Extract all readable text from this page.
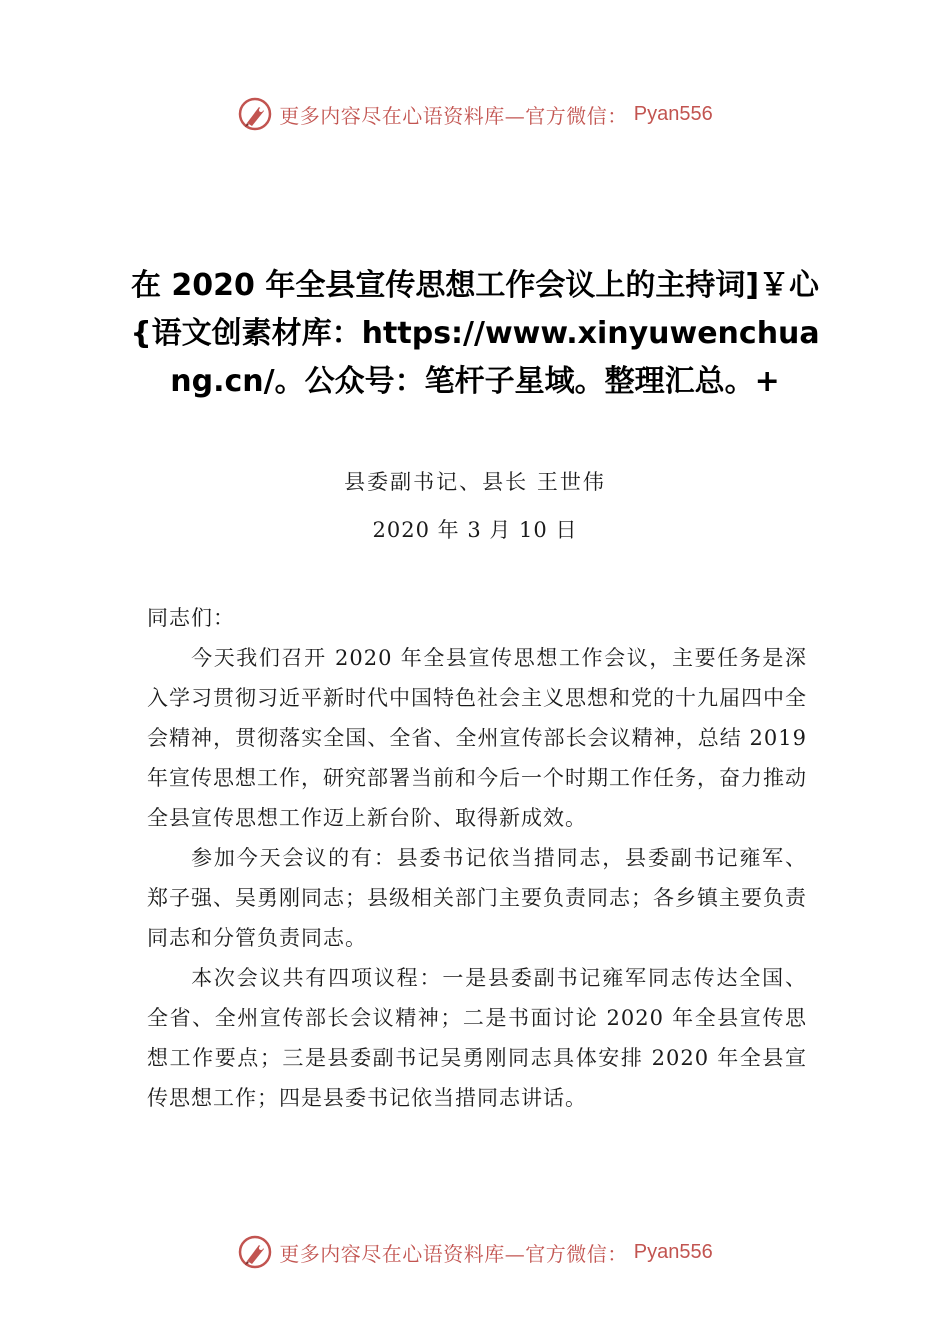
更多内容尽在心语资料库—官方微信： Pyan556
在 2020 年全县宣传思想工作会议上的主持词]￥心{语文创素材库：https://www.xinyuwenchuang.cn/。公众号：笔杆子星域。整理汇总。+
县委副书记、县长 王世伟
2020 年 3 月 10 日

同志们：

今天我们召开 2020 年全县宣传思想工作会议，主要任务是深入学习贯彻习近平新时代中国特色社会主义思想和党的十九届四中全会精神，贯彻落实全国、全省、全州宣传部长会议精神，总结 2019 年宣传思想工作，研究部署当前和今后一个时期工作任务，奋力推动全县宣传思想工作迈上新台阶、取得新成效。

参加今天会议的有：县委书记依当措同志，县委副书记雍军、郑子强、吴勇刚同志；县级相关部门主要负责同志；各乡镇主要负责同志和分管负责同志。

本次会议共有四项议程：一是县委副书记雍军同志传达全国、全省、全州宣传部长会议精神；二是书面讨论 2020 年全县宣传思想工作要点；三是县委副书记吴勇刚同志具体安排 2020 年全县宣传思想工作；四是县委书记依当措同志讲话。

更多内容尽在心语资料库—官方微信： Pyan556
